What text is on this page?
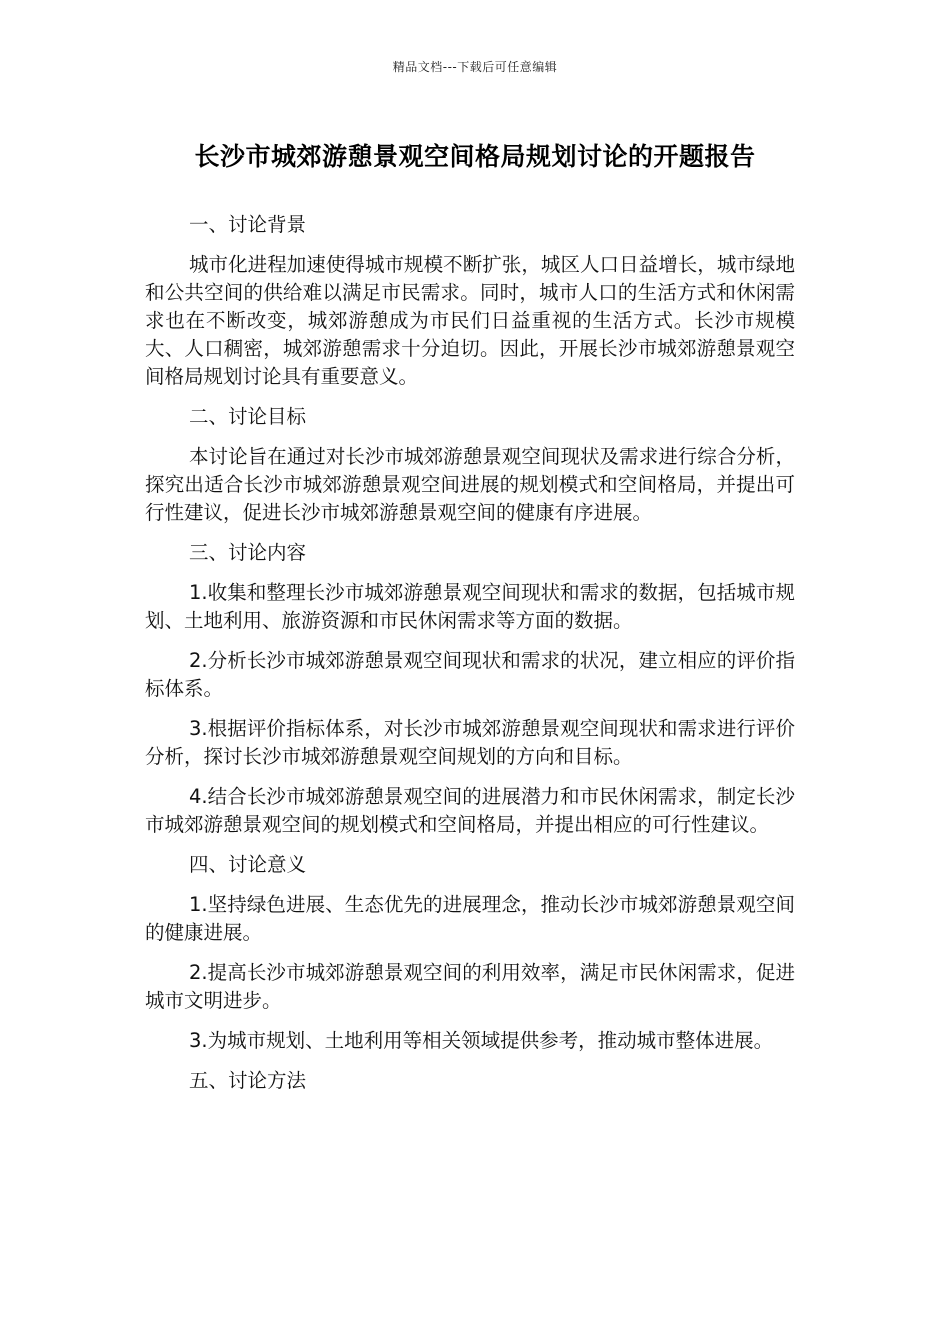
精品文档---下载后可任意编辑
长沙市城郊游憩景观空间格局规划讨论的开题报告
一、讨论背景
城市化进程加速使得城市规模不断扩张，城区人口日益增长，城市绿地和公共空间的供给难以满足市民需求。同时，城市人口的生活方式和休闲需求也在不断改变，城郊游憩成为市民们日益重视的生活方式。长沙市规模大、人口稠密，城郊游憩需求十分迫切。因此，开展长沙市城郊游憩景观空间格局规划讨论具有重要意义。
二、讨论目标
本讨论旨在通过对长沙市城郊游憩景观空间现状及需求进行综合分析，探究出适合长沙市城郊游憩景观空间进展的规划模式和空间格局，并提出可行性建议，促进长沙市城郊游憩景观空间的健康有序进展。
三、讨论内容
1.收集和整理长沙市城郊游憩景观空间现状和需求的数据，包括城市规划、土地利用、旅游资源和市民休闲需求等方面的数据。
2.分析长沙市城郊游憩景观空间现状和需求的状况，建立相应的评价指标体系。
3.根据评价指标体系，对长沙市城郊游憩景观空间现状和需求进行评价分析，探讨长沙市城郊游憩景观空间规划的方向和目标。
4.结合长沙市城郊游憩景观空间的进展潜力和市民休闲需求，制定长沙市城郊游憩景观空间的规划模式和空间格局，并提出相应的可行性建议。
四、讨论意义
1.坚持绿色进展、生态优先的进展理念，推动长沙市城郊游憩景观空间的健康进展。
2.提高长沙市城郊游憩景观空间的利用效率，满足市民休闲需求，促进城市文明进步。
3.为城市规划、土地利用等相关领域提供参考，推动城市整体进展。
五、讨论方法
